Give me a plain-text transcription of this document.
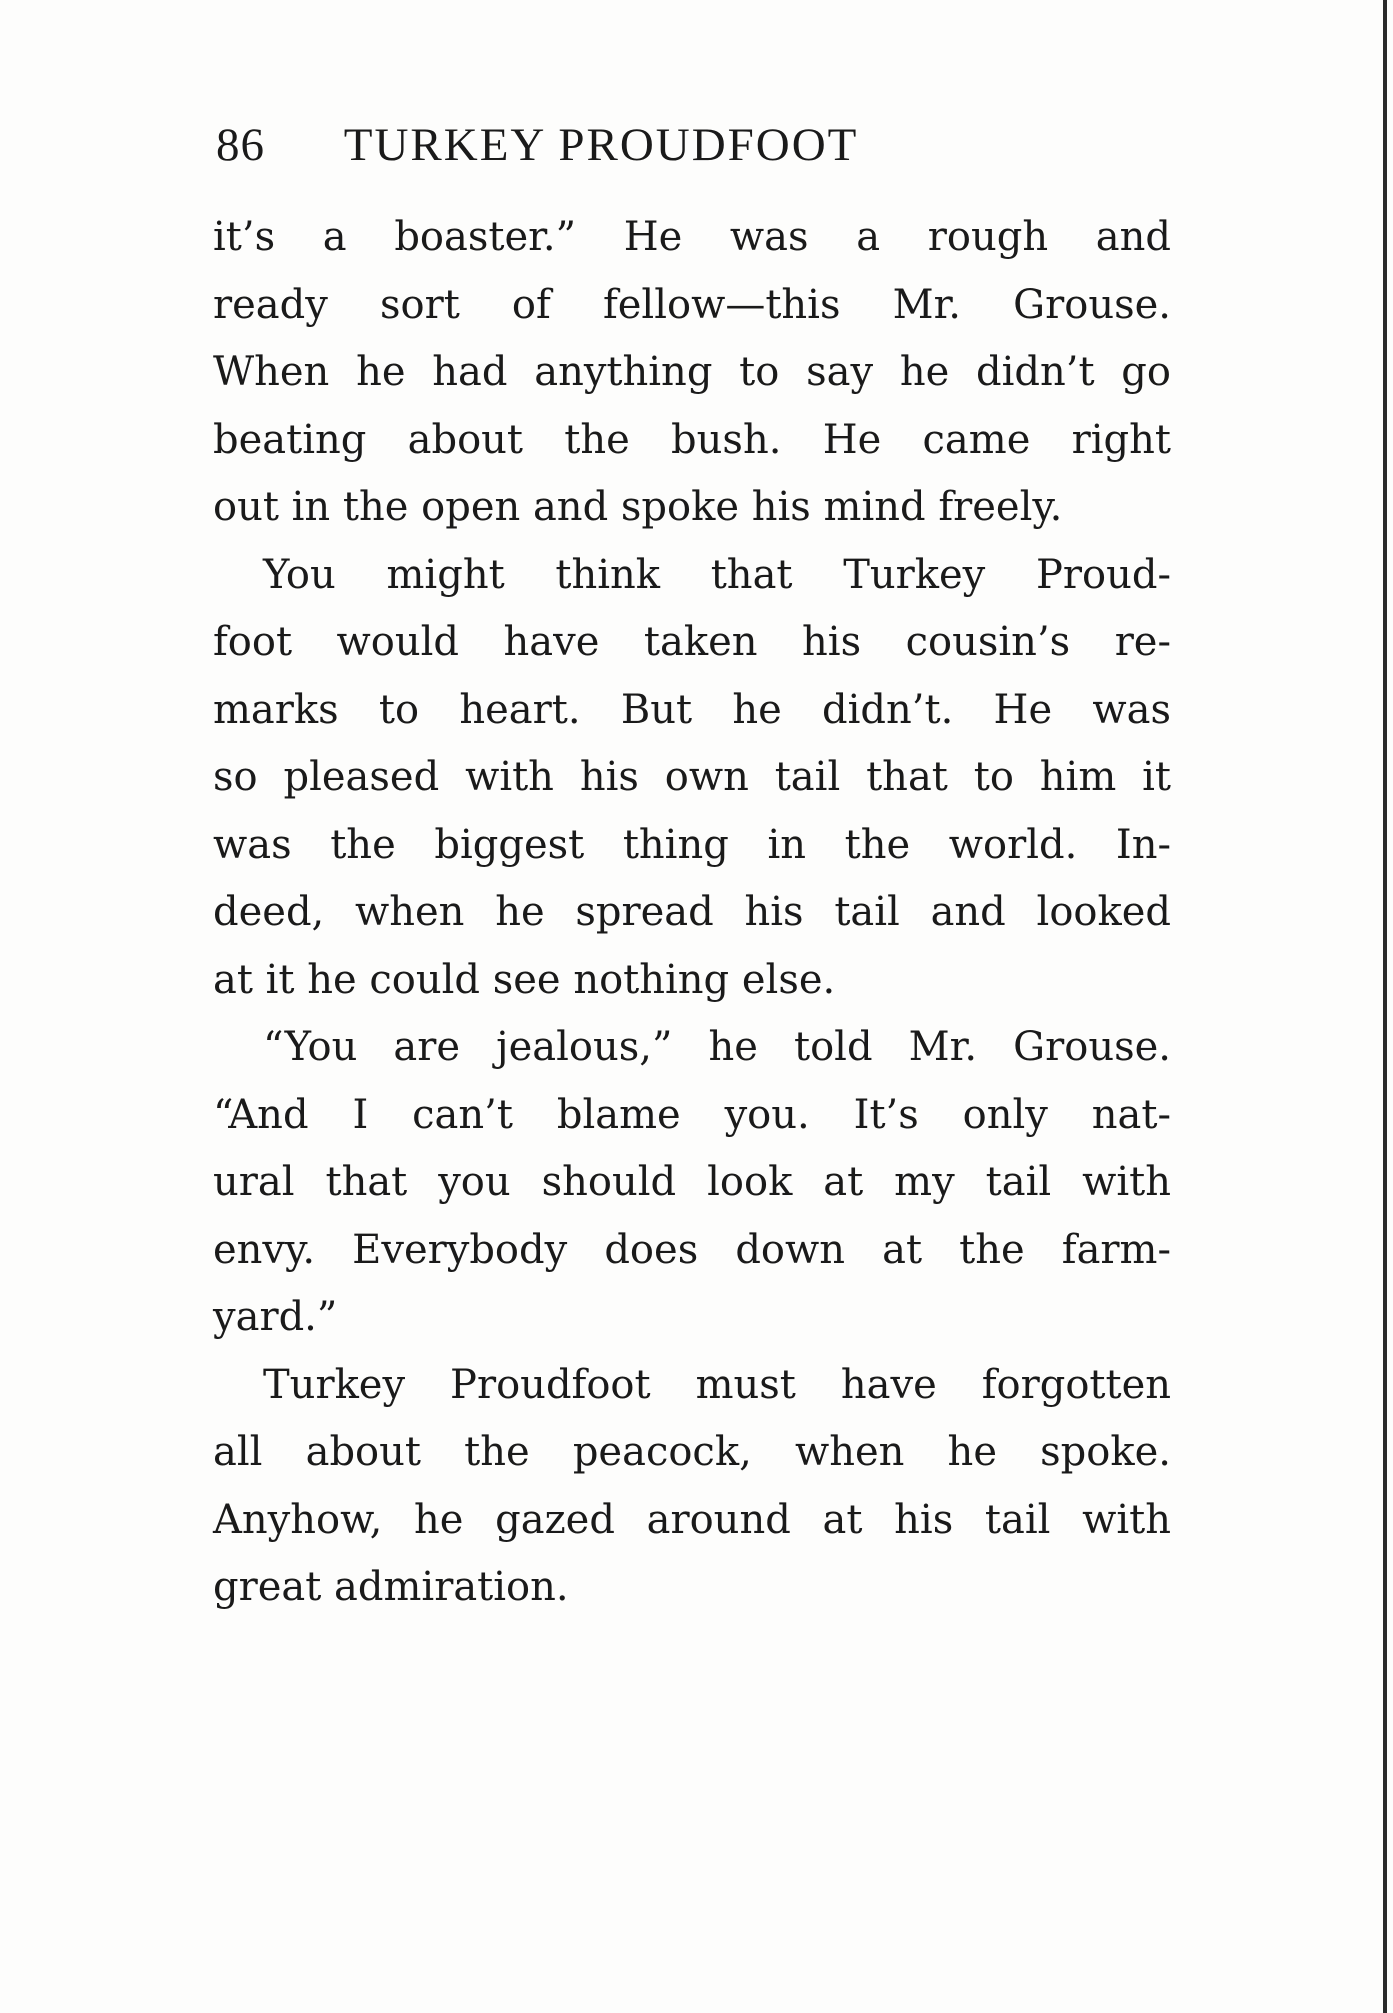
86 TURKEY PROUDFOOT
it’s a boaster.” He was a rough and
ready sort of fellow—this Mr. Grouse.
When he had anything to say he didn’t go
beating about the bush. He came right
out in the open and spoke his mind freely.
You might think that Turkey Proud-
foot would have taken his cousin’s re-
marks to heart. But he didn’t. He was
so pleased with his own tail that to him it
was the biggest thing in the world. In-
deed, when he spread his tail and looked
at it he could see nothing else.
“You are jealous,” he told Mr. Grouse.
“And I can’t blame you. It’s only nat-
ural that you should look at my tail with
envy. Everybody does down at the farm-
yard.”
Turkey Proudfoot must have forgotten
all about the peacock, when he spoke.
Anyhow, he gazed around at his tail with
great admiration.
